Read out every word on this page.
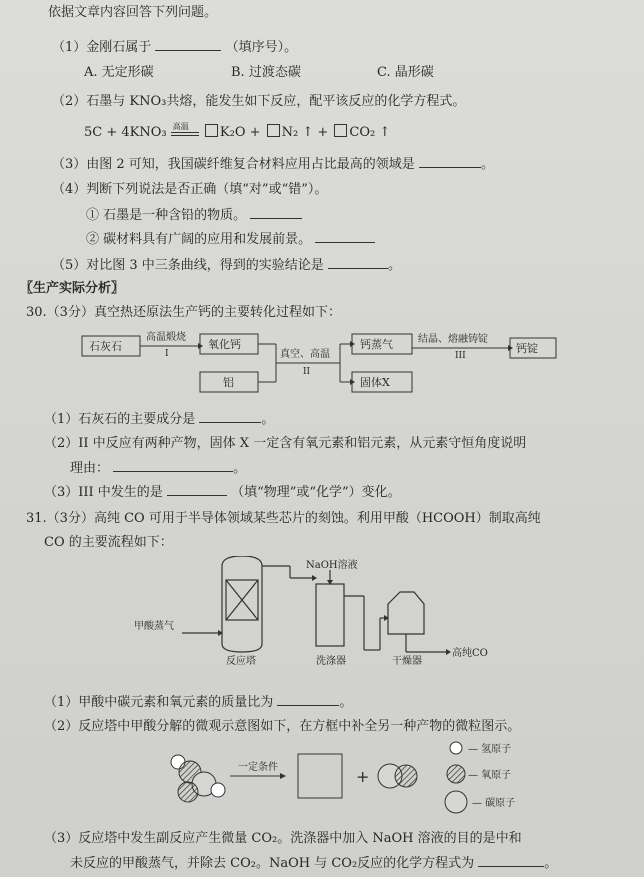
依据文章内容回答下列问题。
（1）金刚石属于	（填序号）。
A. 无定形碳	B. 过渡态碳	C. 晶形碳
（2）石墨与 KNO₃共熔，能发生如下反应，配平该反应的化学方程式。
5C + 4KNO₃ 高温 K₂O + N₂ ↑ + CO₂ ↑
（3）由图 2 可知，我国碳纤维复合材料应用占比最高的领域是	。
（4）判断下列说法是否正确（填“对”或“错”）。
① 石墨是一种含铅的物质。
② 碳材料具有广阔的应用和发展前景。
（5）对比图 3 中三条曲线，得到的实验结论是	。
〖生产实际分析〗
30.（3分）真空热还原法生产钙的主要转化过程如下：
石灰石
高温煅烧
I
氧化钙
铝
真空、高温
II
钙蒸气
固体X
结晶、熔融铸锭
III
钙锭
（1）石灰石的主要成分是	。
（2）II 中反应有两种产物，固体 X 一定含有氧元素和铝元素，从元素守恒角度说明
理由：	。
（3）III 中发生的是	（填“物理”或“化学”）变化。
31.（3分）高纯 CO 可用于半导体领域某些芯片的刻蚀。利用甲酸（HCOOH）制取高纯
CO 的主要流程如下：
NaOH溶液
甲酸蒸气
反应塔	洗涤器	干燥器
高纯CO
（1）甲酸中碳元素和氧元素的质量比为	。
（2）反应塔中甲酸分解的微观示意图如下，在方框中补全另一种产物的微粒图示。
一定条件	+
— 氢原子
— 氧原子
— 碳原子
（3）反应塔中发生副反应产生微量 CO₂。洗涤器中加入 NaOH 溶液的目的是中和
未反应的甲酸蒸气，并除去 CO₂。NaOH 与 CO₂反应的化学方程式为	。
